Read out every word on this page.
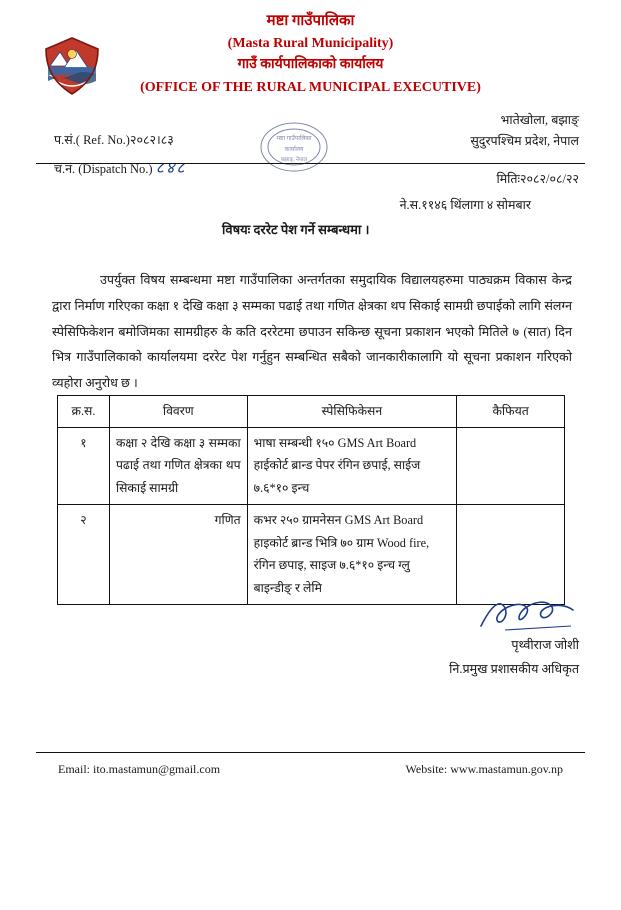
मष्टा गाउँपालिका
(Masta Rural Municipality)
गाउँ कार्यपालिकाको कार्यालय
(OFFICE OF THE RURAL MUNICIPAL EXECUTIVE)
भातेखोला, बझाङ्
सुदुरपश्चिम प्रदेश, नेपाल
प.सं.( Ref. No.)२०८२।८३
च.नं. (Dispatch No.) ८४८
मष्टा गाउँपालिका
कार्यालय
बझाङ्, नेपाल
मितिः२०८२/०८/२२
ने.स.११४६ थिंलागा ४ सोमबार
विषयः दररेट पेश गर्ने सम्बन्धमा ।
उपर्युक्त विषय सम्बन्धमा मष्टा गाउँपालिका अन्तर्गतका समुदायिक विद्यालयहरुमा पाठ्यक्रम विकास केन्द्र द्वारा निर्माण गरिएका कक्षा १ देखि कक्षा ३ सम्मका पढाई तथा गणित क्षेत्रका थप सिकाई सामग्री छपाईको लागि संलग्न स्पेसिफिकेशन बमोजिमका सामग्रीहरु के कति दररेटमा छपाउन सकिन्छ सूचना प्रकाशन भएको मितिले ७ (सात) दिन भित्र गाउँपालिकाको कार्यालयमा दररेट पेश गर्नुहुन सम्बन्धित सबैको जानकारीकालागि यो सूचना प्रकाशन गरिएको व्यहोरा अनुरोध छ ।
क्र.स.	विवरण	स्पेसिफिकेसन	कैफियत
१	कक्षा २ देखि कक्षा ३ सम्मका पढाई तथा गणित क्षेत्रका थप सिकाई सामग्री	भाषा सम्बन्धी १५० GMS Art Board हाईकोर्ट ब्रान्ड पेपर रंगिन छपाई, साईज ७.६*१० इन्च	
२	गणित	कभर २५० ग्रामनेसन GMS Art Board हाइकोर्ट ब्रान्ड भित्रि ७० ग्राम Wood fire, रंगिन छपाइ, साइज ७.६*१० इन्च ग्लु बाइन्डीङ् र लेमि	
पृथ्वीराज जोशी
नि.प्रमुख प्रशासकीय अधिकृत
Email: ito.mastamun@gmail.com	Website: www.mastamun.gov.np
